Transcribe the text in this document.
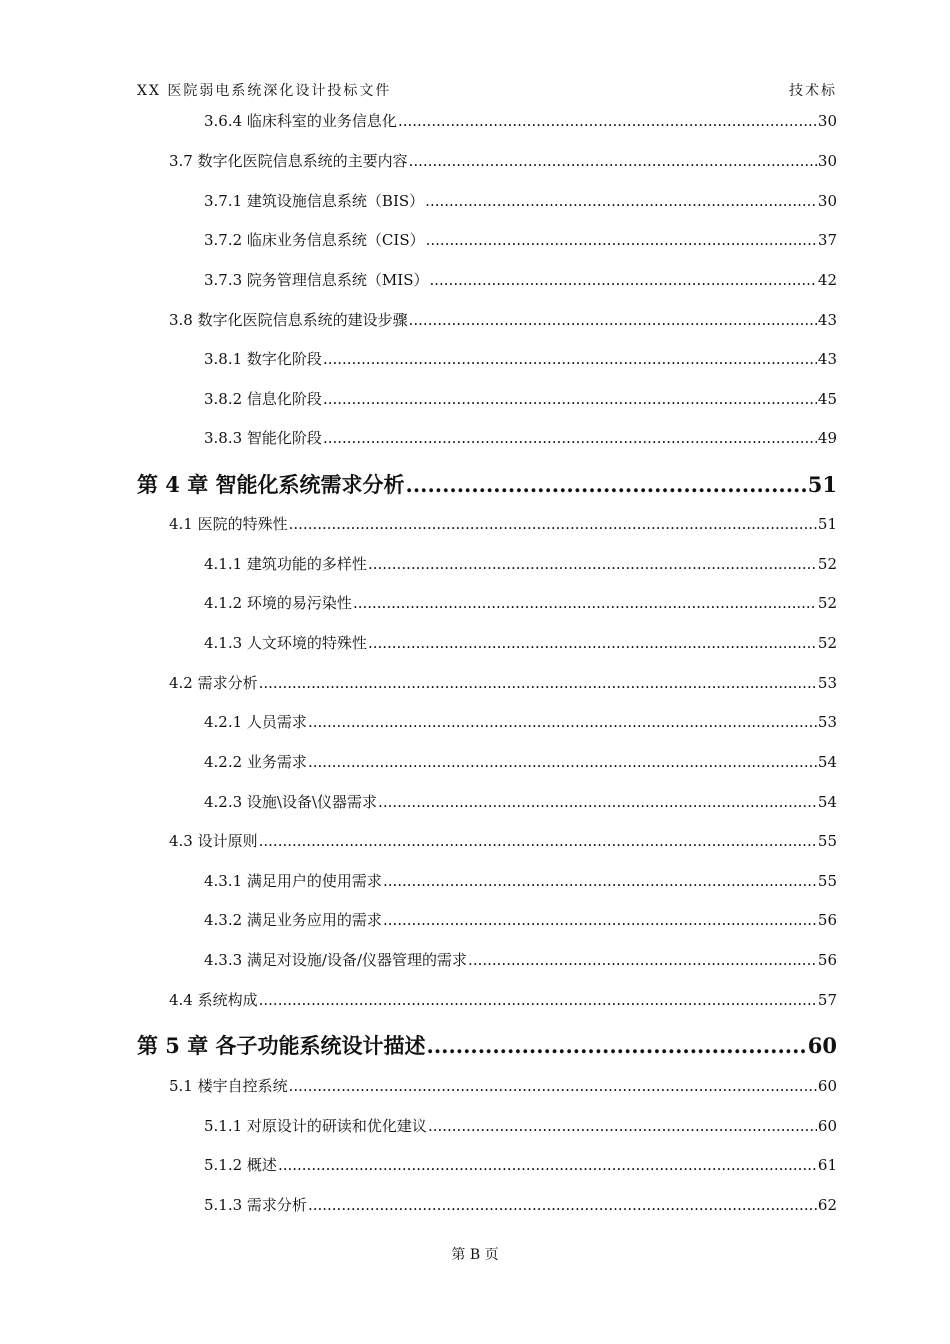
XX 医院弱电系统深化设计投标文件	技术标
3.6.4 临床科室的业务信息化 .....	30
3.7 数字化医院信息系统的主要内容 .....	30
3.7.1 建筑设施信息系统（BIS） .....	30
3.7.2 临床业务信息系统（CIS） .....	37
3.7.3 院务管理信息系统（MIS） .....	42
3.8 数字化医院信息系统的建设步骤 .....	43
3.8.1 数字化阶段 .....	43
3.8.2 信息化阶段 .....	45
3.8.3 智能化阶段 .....	49
第 4 章 智能化系统需求分析 .....	51
4.1 医院的特殊性 .....	51
4.1.1 建筑功能的多样性 .....	52
4.1.2 环境的易污染性 .....	52
4.1.3 人文环境的特殊性 .....	52
4.2 需求分析 .....	53
4.2.1 人员需求 .....	53
4.2.2 业务需求 .....	54
4.2.3 设施\设备\仪器需求 .....	54
4.3 设计原则 .....	55
4.3.1 满足用户的使用需求 .....	55
4.3.2 满足业务应用的需求 .....	56
4.3.3 满足对设施/设备/仪器管理的需求 .....	56
4.4 系统构成 .....	57
第 5 章 各子功能系统设计描述 .....	60
5.1 楼宇自控系统 .....	60
5.1.1 对原设计的研读和优化建议 .....	60
5.1.2 概述 .....	61
5.1.3 需求分析 .....	62
第 B 页
